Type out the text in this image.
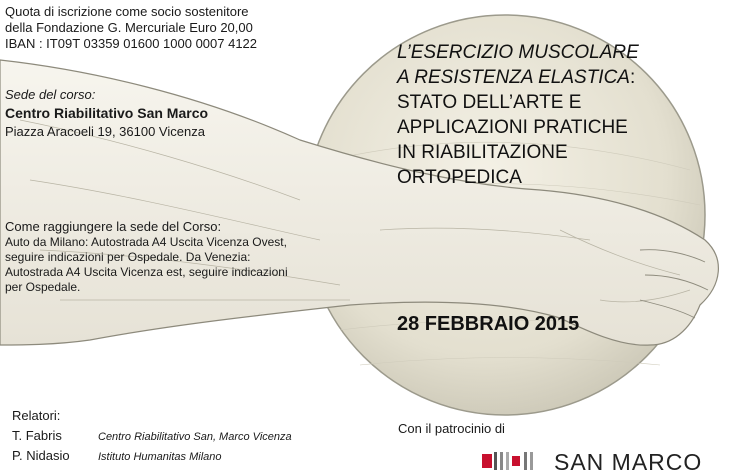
Quota di iscrizione come socio sostenitore
della Fondazione G. Mercuriale Euro 20,00
IBAN : IT09T 03359 01600 1000 0007 4122
Sede del corso:
Centro Riabilitativo San Marco
Piazza Aracoeli 19, 36100 Vicenza
Come raggiungere la sede del Corso:
Auto da Milano: Autostrada A4 Uscita Vicenza Ovest,
seguire indicazioni per Ospedale. Da Venezia:
Autostrada A4 Uscita Vicenza est, seguire indicazioni
per Ospedale.
L’ESERCIZIO MUSCOLARE
A RESISTENZA ELASTICA:
STATO DELL’ARTE E
APPLICAZIONI PRATICHE
IN RIABILITAZIONE
ORTOPEDICA
28 FEBBRAIO 2015
Relatori:
T. Fabris	Centro Riabilitativo San, Marco Vicenza
P. Nidasio	Istituto Humanitas Milano
Con il patrocinio di
SAN MARCO
